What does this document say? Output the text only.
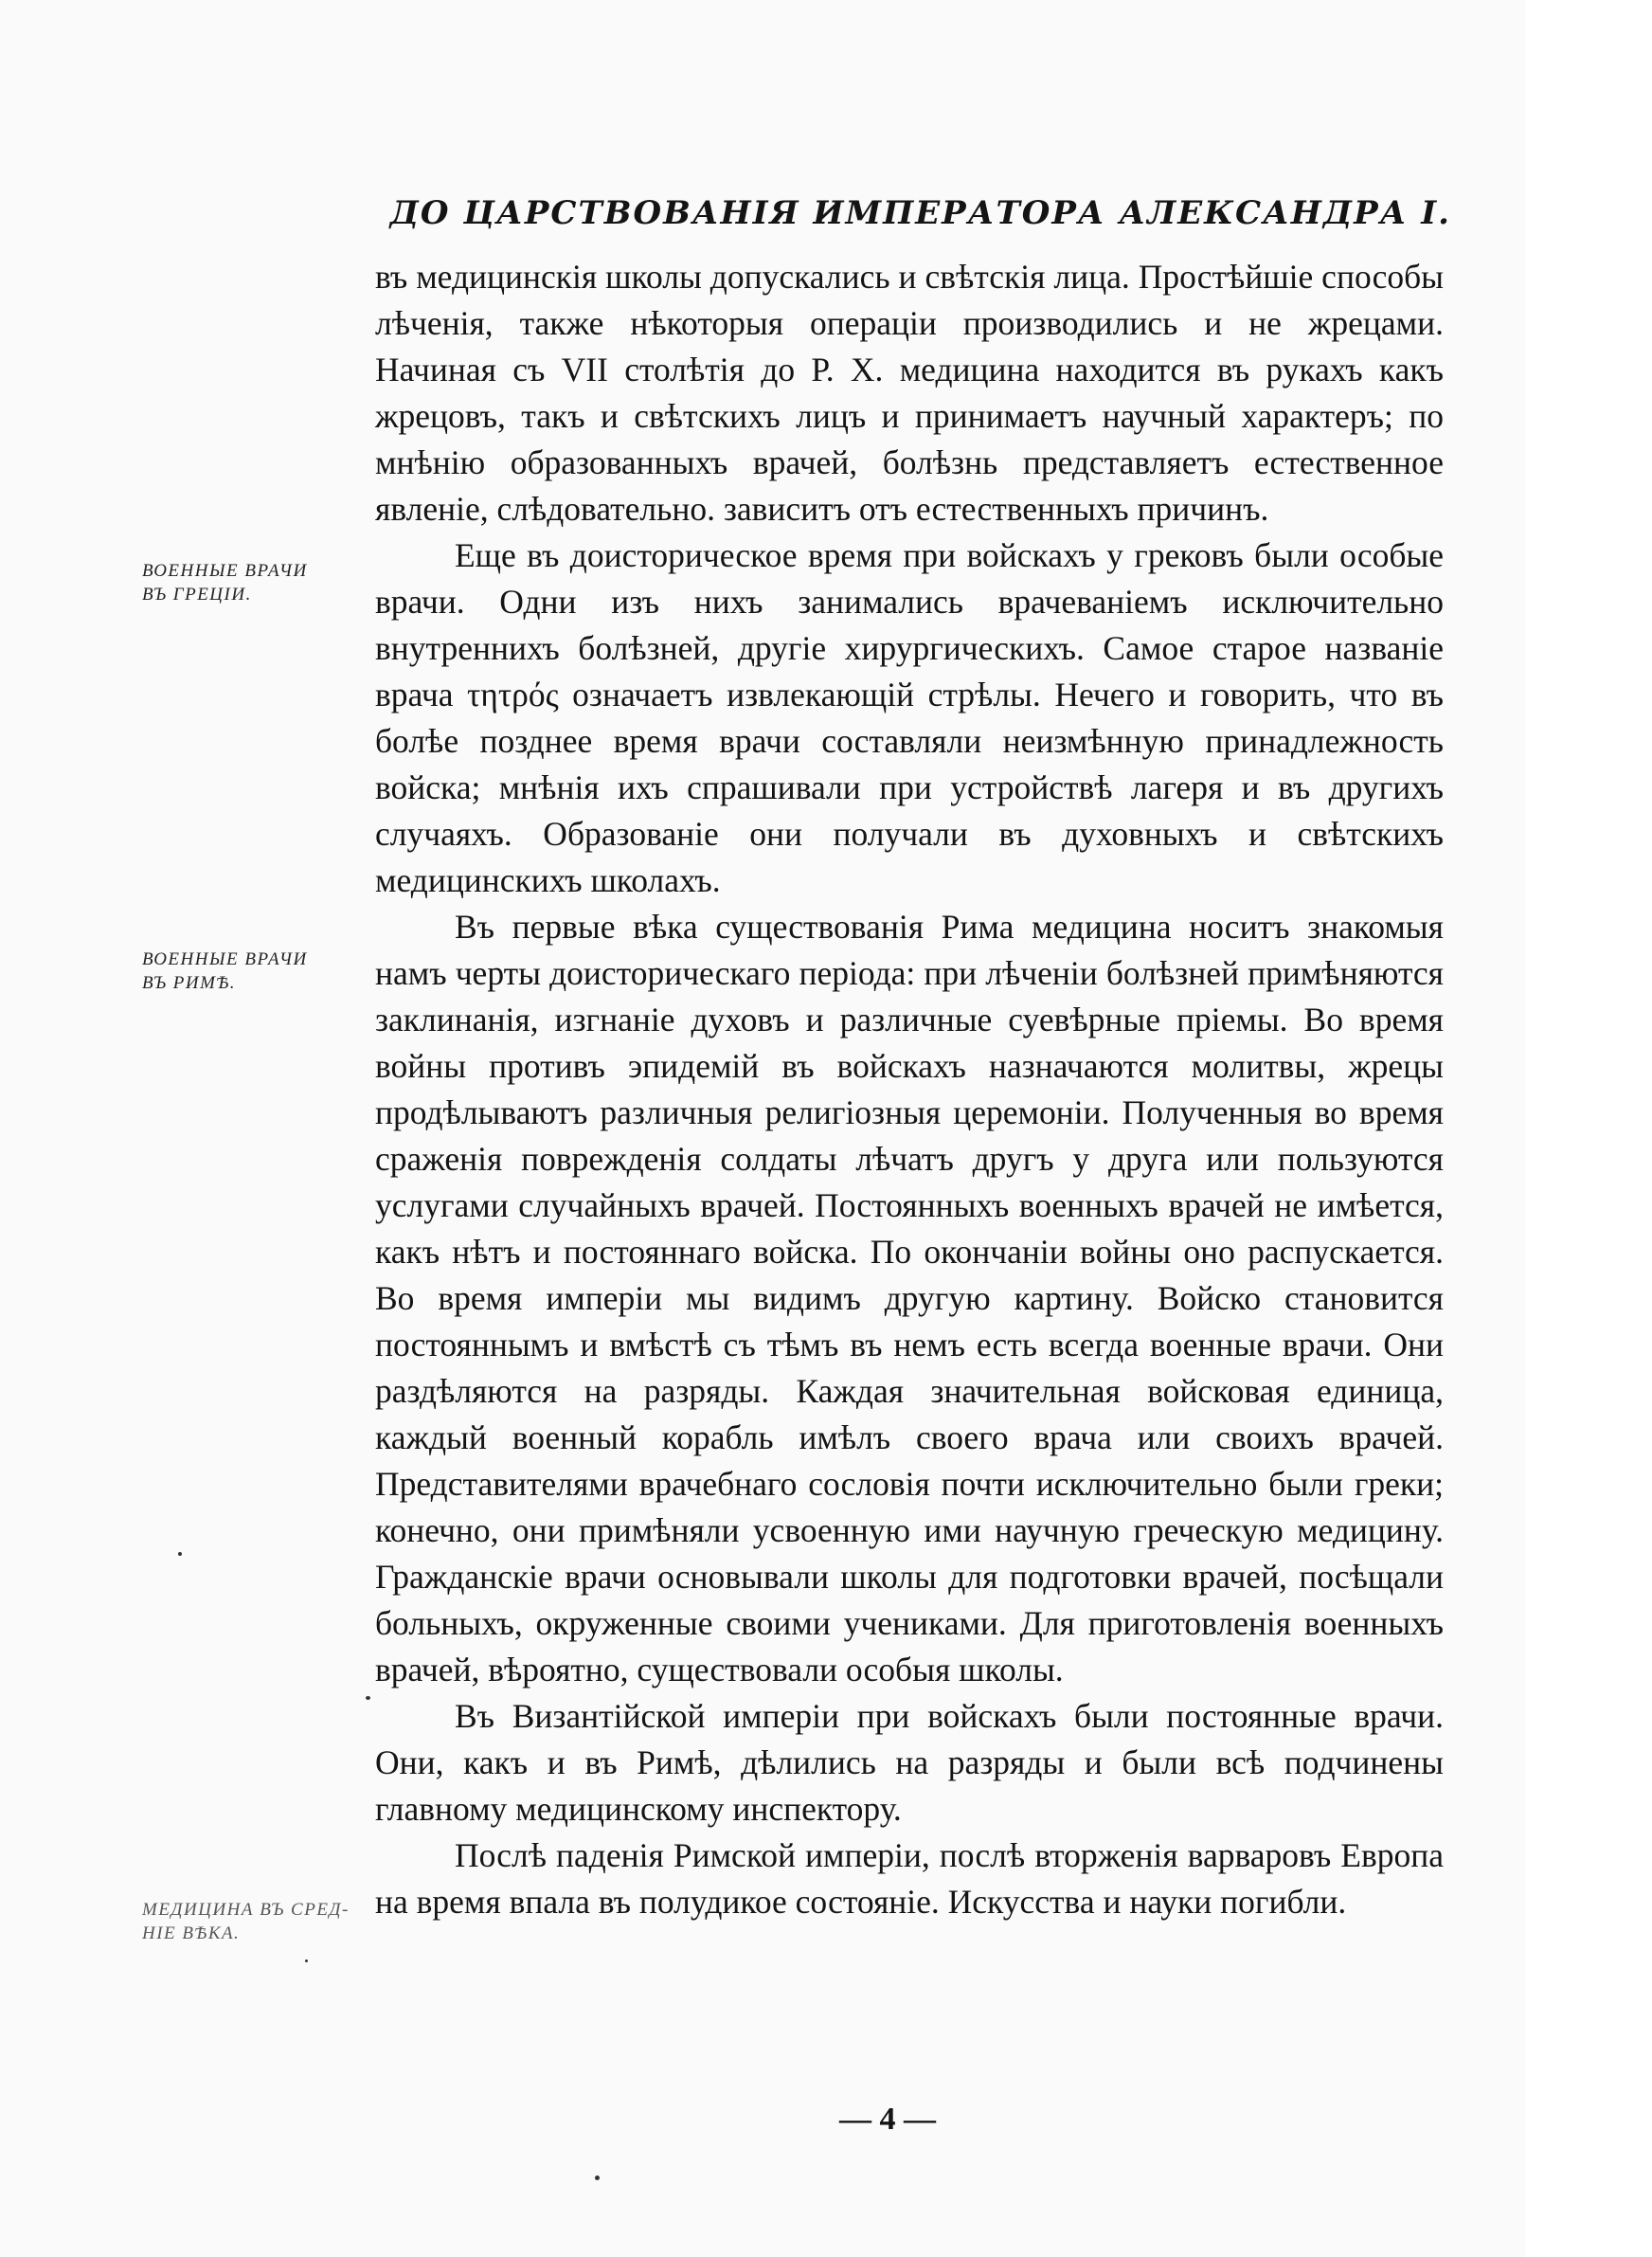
ДО ЦАРСТВОВАНІЯ ИМПЕРАТОРА АЛЕКСАНДРА I.
ВОЕННЫЕ ВРАЧИ
ВЪ ГРЕЦІИ.
ВОЕННЫЕ ВРАЧИ
ВЪ РИМѢ.
МЕДИЦИНА ВЪ СРЕД-
НІЕ ВѢКА.

въ медицинскія школы допускались и свѣтскія лица. Простѣйшіе способы лѣченія, также нѣкоторыя операціи производились и не жрецами. Начиная съ VII столѣтія до Р. X. медицина находится въ рукахъ какъ жрецовъ, такъ и свѣтскихъ лицъ и принимаетъ научный характеръ; по мнѣнію образованныхъ врачей, болѣзнь представляетъ естественное явленіе, слѣдовательно. зависитъ отъ естественныхъ причинъ.

Еще въ доисторическое время при войскахъ у грековъ были особые врачи. Одни изъ нихъ занимались врачеваніемъ исключительно внутреннихъ болѣзней, другіе хирургическихъ. Самое старое названіе врача τητρός означаетъ извлекающій стрѣлы. Нечего и говорить, что въ болѣе позднее время врачи составляли неизмѣнную принадлежность войска; мнѣнія ихъ спрашивали при устройствѣ лагеря и въ другихъ случаяхъ. Образованіе они получали въ духовныхъ и свѣтскихъ медицинскихъ школахъ.

Въ первые вѣка существованія Рима медицина носитъ знакомыя намъ черты доисторическаго періода: при лѣченіи болѣзней примѣняются заклинанія, изгнаніе духовъ и различные суевѣрные пріемы. Во время войны противъ эпидемій въ войскахъ назначаются молитвы, жрецы продѣлываютъ различныя религіозныя церемоніи. Полученныя во время сраженія поврежденія солдаты лѣчатъ другъ у друга или пользуются услугами случайныхъ врачей. Постоянныхъ военныхъ врачей не имѣется, какъ нѣтъ и постояннаго войска. По окончаніи войны оно распускается. Во время имперіи мы видимъ другую картину. Войско становится постояннымъ и вмѣстѣ съ тѣмъ въ немъ есть всегда военные врачи. Они раздѣляются на разряды. Каждая значительная войсковая единица, каждый военный корабль имѣлъ своего врача или своихъ врачей. Представителями врачебнаго сословія почти исключительно были греки; конечно, они примѣняли усвоенную ими научную греческую медицину. Гражданскіе врачи основывали школы для подготовки врачей, посѣщали больныхъ, окруженные своими учениками. Для приготовленія военныхъ врачей, вѣроятно, существовали особыя школы.

Въ Византійской имперіи при войскахъ были постоянные врачи. Они, какъ и въ Римѣ, дѣлились на разряды и были всѣ подчинены главному медицинскому инспектору.

Послѣ паденія Римской имперіи, послѣ вторженія варваровъ Европа на время впала въ полудикое состояніе. Искусства и науки погибли.

— 4 —
